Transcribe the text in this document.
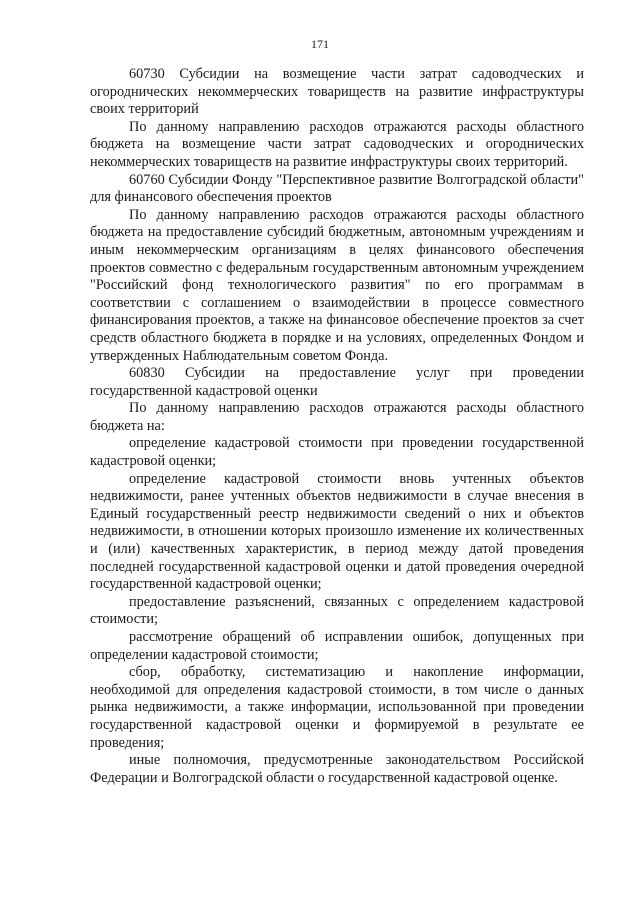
171

60730 Субсидии на возмещение части затрат садоводческих и огороднических некоммерческих товариществ на развитие инфраструктуры своих территорий

По данному направлению расходов отражаются расходы областного бюджета на возмещение части затрат садоводческих и огороднических некоммерческих товариществ на развитие инфраструктуры своих территорий.

60760 Субсидии Фонду "Перспективное развитие Волгоградской области" для финансового обеспечения проектов

По данному направлению расходов отражаются расходы областного бюджета на предоставление субсидий бюджетным, автономным учреждениям и иным некоммерческим организациям в целях финансового обеспечения проектов совместно с федеральным государственным автономным учреждением "Российский фонд технологического развития" по его программам в соответствии с соглашением о взаимодействии в процессе совместного финансирования проектов, а также на финансовое обеспечение проектов за счет средств областного бюджета в порядке и на условиях, определенных Фондом и утвержденных Наблюдательным советом Фонда.

60830 Субсидии на предоставление услуг при проведении государственной кадастровой оценки

По данному направлению расходов отражаются расходы областного бюджета на:

определение кадастровой стоимости при проведении государственной кадастровой оценки;

определение кадастровой стоимости вновь учтенных объектов недвижимости, ранее учтенных объектов недвижимости в случае внесения в Единый государственный реестр недвижимости сведений о них и объектов недвижимости, в отношении которых произошло изменение их количественных и (или) качественных характеристик, в период между датой проведения последней государственной кадастровой оценки и датой проведения очередной государственной кадастровой оценки;

предоставление разъяснений, связанных с определением кадастровой стоимости;

рассмотрение обращений об исправлении ошибок, допущенных при определении кадастровой стоимости;

сбор, обработку, систематизацию и накопление информации, необходимой для определения кадастровой стоимости, в том числе о данных рынка недвижимости, а также информации, использованной при проведении государственной кадастровой оценки и формируемой в результате ее проведения;

иные полномочия, предусмотренные законодательством Российской Федерации и Волгоградской области о государственной кадастровой оценке.
